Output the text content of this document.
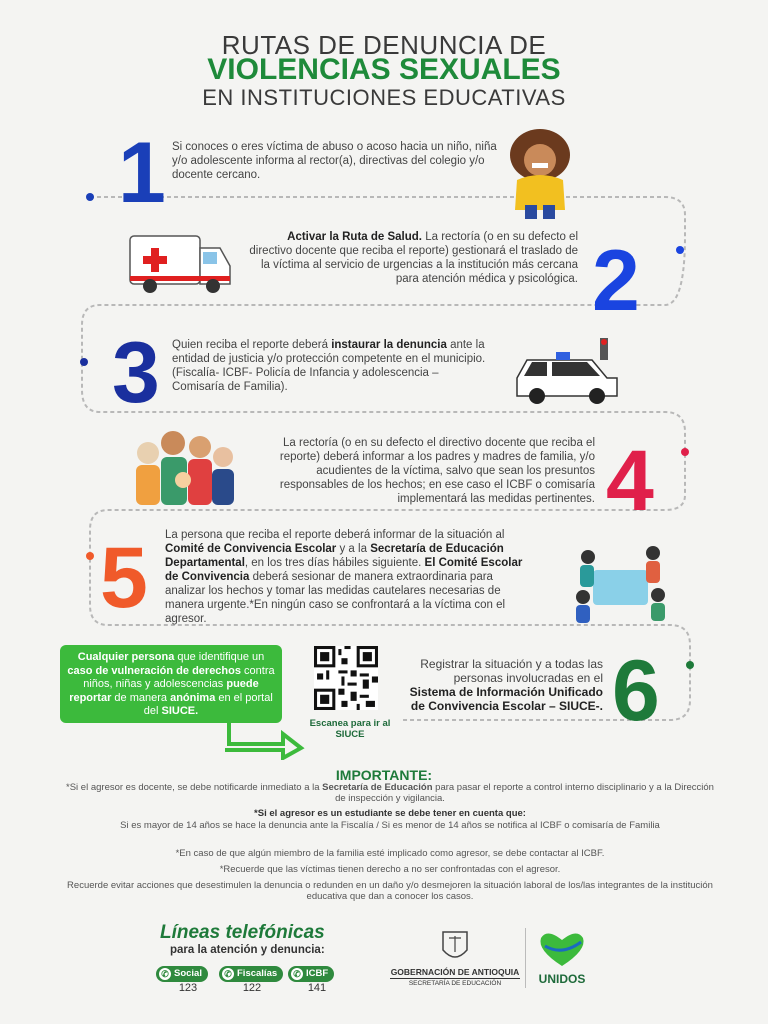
RUTAS DE DENUNCIA DE
VIOLENCIAS SEXUALES
EN INSTITUCIONES EDUCATIVAS
1 Si conoces o eres víctima de abuso o acoso hacia un niño, niña y/o adolescente informa al rector(a), directivas del colegio y/o docente cercano.
Activar la Ruta de Salud. La rectoría (o en su defecto el directivo docente que reciba el reporte) gestionará el traslado de la víctima al servicio de urgencias a la institución más cercana para atención médica y psicológica. 2
3 Quien reciba el reporte deberá instaurar la denuncia ante la entidad de justicia y/o protección competente en el municipio. (Fiscalía- ICBF- Policía de Infancia y adolescencia – Comisaría de Familia).
La rectoría (o en su defecto el directivo docente que reciba el reporte) deberá informar a los padres y madres de familia, y/o acudientes de la víctima, salvo que sean los presuntos responsables de los hechos; en ese caso el ICBF o comisaría implementará las medidas pertinentes. 4
5 La persona que reciba el reporte deberá informar de la situación al Comité de Convivencia Escolar y a la Secretaría de Educación Departamental, en los tres días hábiles siguiente. El Comité Escolar de Convivencia deberá sesionar de manera extraordinaria para analizar los hechos y tomar las medidas cautelares necesarias de manera urgente.*En ningún caso se confrontará a la víctima con el agresor.
Cualquier persona que identifique un caso de vulneración de derechos contra niños, niñas y adolescencias puede reportar de manera anónima en el portal del SIUCE.
Escanea para ir al SIUCE
Registrar la situación y a todas las personas involucradas en el Sistema de Información Unificado de Convivencia Escolar – SIUCE-. 6
IMPORTANTE:
*Si el agresor es docente, se debe notificarde inmediato a la Secretaría de Educación para pasar el reporte a control interno disciplinario y a la Dirección de inspección y vigilancia.
*Si el agresor es un estudiante se debe tener en cuenta que:
Si es mayor de 14 años se hace la denuncia ante la Fiscalía / Si es menor de 14 años se notifica al ICBF o comisaría de Familia
*En caso de que algún miembro de la familia esté implicado como agresor, se debe contactar al ICBF.
*Recuerde que las víctimas tienen derecho a no ser confrontadas con el agresor.
Recuerde evitar acciones que desestimulen la denuncia o redunden en un daño y/o desmejoren la situación laboral de los/las integrantes de la institución educativa que dan a conocer los casos.
Líneas telefónicas
para la atención y denuncia:
✆ Social
123
✆ Fiscalías
122
✆ ICBF
141
GOBERNACIÓN DE ANTIOQUIA
SECRETARÍA DE EDUCACIÓN	UNIDOS
